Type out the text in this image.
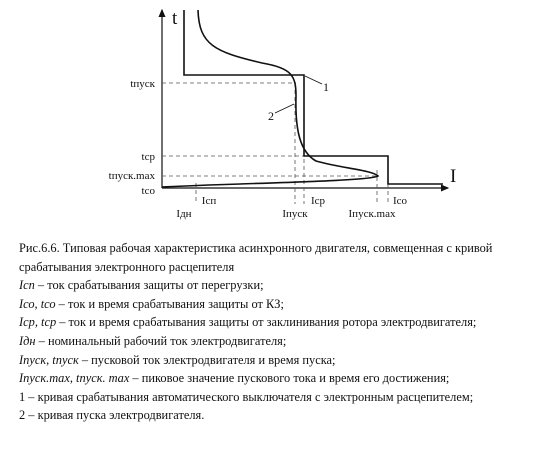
1
2
t
I
tпуск
tср
tпуск.max
tсо
Iдн
Iсп
Iпуск
Iср
Iпуск.max
Iсо

Рис.6.6. Типовая рабочая характеристика асинхронного двигателя, совмещенная с кривой срабатывания электронного расцепителя

Iсп – ток срабатывания защиты от перегрузки;

Iсо, tсо – ток и время срабатывания защиты от КЗ;

Iср, tср – ток и время срабатывания защиты от заклинивания ротора электродвигателя;

Iдн – номинальный рабочий ток электродвигателя;

Iпуск, tпуск – пусковой ток электродвигателя и время пуска;

Iпуск.max, tпуск. max – пиковое значение пускового тока и время его достижения;

1 – кривая срабатывания автоматического выключателя с электронным расцепителем;

2 – кривая пуска электродвигателя.
